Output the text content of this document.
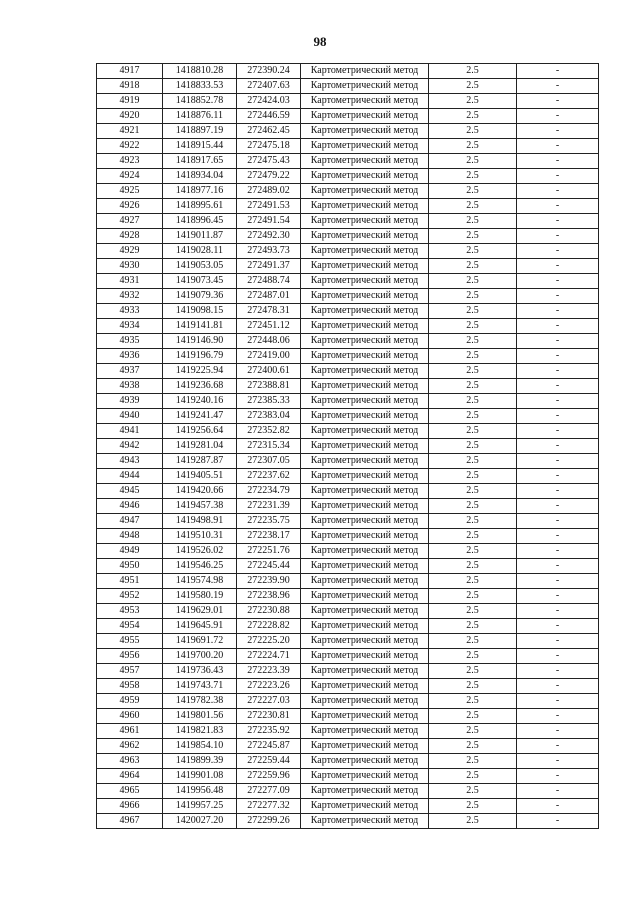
98
4917	1418810.28	272390.24	Картометрический метод	2.5	-
4918	1418833.53	272407.63	Картометрический метод	2.5	-
4919	1418852.78	272424.03	Картометрический метод	2.5	-
4920	1418876.11	272446.59	Картометрический метод	2.5	-
4921	1418897.19	272462.45	Картометрический метод	2.5	-
4922	1418915.44	272475.18	Картометрический метод	2.5	-
4923	1418917.65	272475.43	Картометрический метод	2.5	-
4924	1418934.04	272479.22	Картометрический метод	2.5	-
4925	1418977.16	272489.02	Картометрический метод	2.5	-
4926	1418995.61	272491.53	Картометрический метод	2.5	-
4927	1418996.45	272491.54	Картометрический метод	2.5	-
4928	1419011.87	272492.30	Картометрический метод	2.5	-
4929	1419028.11	272493.73	Картометрический метод	2.5	-
4930	1419053.05	272491.37	Картометрический метод	2.5	-
4931	1419073.45	272488.74	Картометрический метод	2.5	-
4932	1419079.36	272487.01	Картометрический метод	2.5	-
4933	1419098.15	272478.31	Картометрический метод	2.5	-
4934	1419141.81	272451.12	Картометрический метод	2.5	-
4935	1419146.90	272448.06	Картометрический метод	2.5	-
4936	1419196.79	272419.00	Картометрический метод	2.5	-
4937	1419225.94	272400.61	Картометрический метод	2.5	-
4938	1419236.68	272388.81	Картометрический метод	2.5	-
4939	1419240.16	272385.33	Картометрический метод	2.5	-
4940	1419241.47	272383.04	Картометрический метод	2.5	-
4941	1419256.64	272352.82	Картометрический метод	2.5	-
4942	1419281.04	272315.34	Картометрический метод	2.5	-
4943	1419287.87	272307.05	Картометрический метод	2.5	-
4944	1419405.51	272237.62	Картометрический метод	2.5	-
4945	1419420.66	272234.79	Картометрический метод	2.5	-
4946	1419457.38	272231.39	Картометрический метод	2.5	-
4947	1419498.91	272235.75	Картометрический метод	2.5	-
4948	1419510.31	272238.17	Картометрический метод	2.5	-
4949	1419526.02	272251.76	Картометрический метод	2.5	-
4950	1419546.25	272245.44	Картометрический метод	2.5	-
4951	1419574.98	272239.90	Картометрический метод	2.5	-
4952	1419580.19	272238.96	Картометрический метод	2.5	-
4953	1419629.01	272230.88	Картометрический метод	2.5	-
4954	1419645.91	272228.82	Картометрический метод	2.5	-
4955	1419691.72	272225.20	Картометрический метод	2.5	-
4956	1419700.20	272224.71	Картометрический метод	2.5	-
4957	1419736.43	272223.39	Картометрический метод	2.5	-
4958	1419743.71	272223.26	Картометрический метод	2.5	-
4959	1419782.38	272227.03	Картометрический метод	2.5	-
4960	1419801.56	272230.81	Картометрический метод	2.5	-
4961	1419821.83	272235.92	Картометрический метод	2.5	-
4962	1419854.10	272245.87	Картометрический метод	2.5	-
4963	1419899.39	272259.44	Картометрический метод	2.5	-
4964	1419901.08	272259.96	Картометрический метод	2.5	-
4965	1419956.48	272277.09	Картометрический метод	2.5	-
4966	1419957.25	272277.32	Картометрический метод	2.5	-
4967	1420027.20	272299.26	Картометрический метод	2.5	-
